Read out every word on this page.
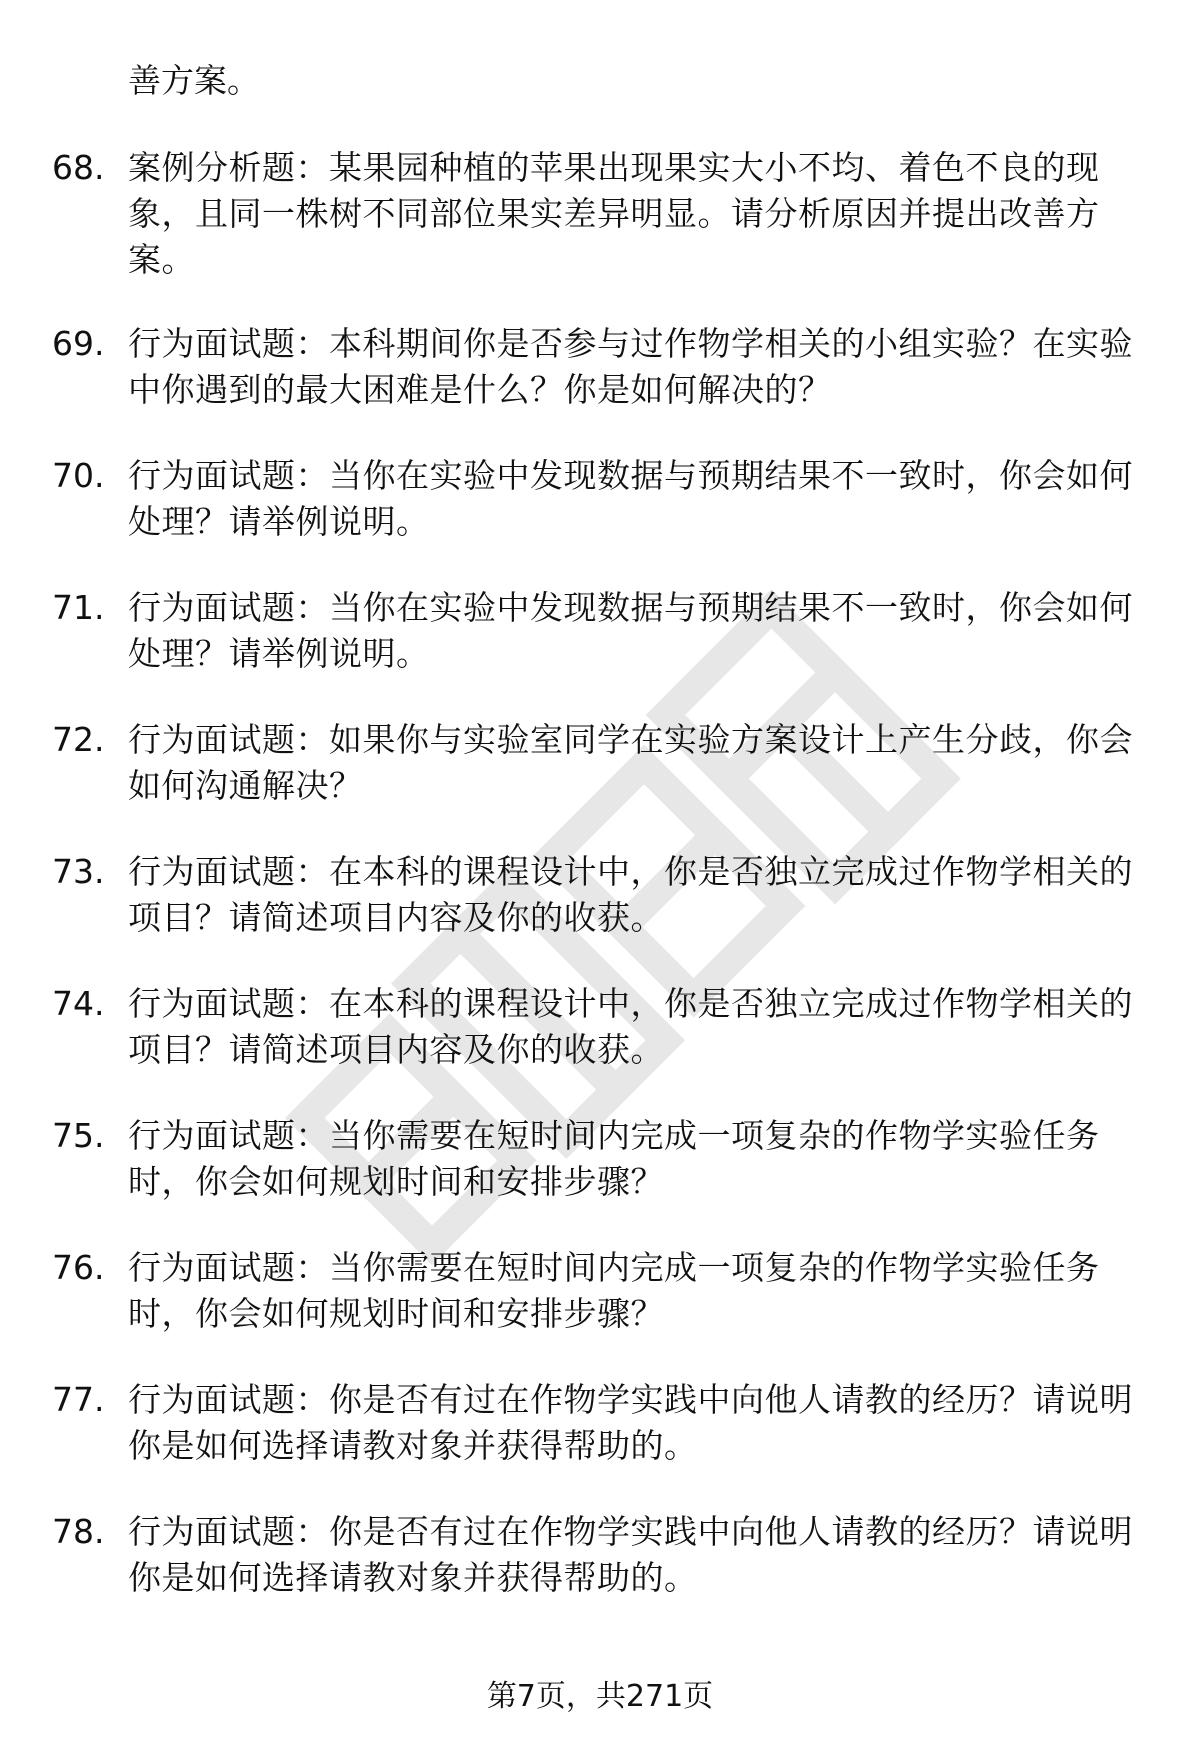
善方案。
68. 案例分析题：某果园种植的苹果出现果实大小不均、着色不良的现象，且同一株树不同部位果实差异明显。请分析原因并提出改善方案。
69. 行为面试题：本科期间你是否参与过作物学相关的小组实验？在实验中你遇到的最大困难是什么？你是如何解决的？
70. 行为面试题：当你在实验中发现数据与预期结果不一致时，你会如何处理？请举例说明。
71. 行为面试题：当你在实验中发现数据与预期结果不一致时，你会如何处理？请举例说明。
72. 行为面试题：如果你与实验室同学在实验方案设计上产生分歧，你会如何沟通解决？
73. 行为面试题：在本科的课程设计中，你是否独立完成过作物学相关的项目？请简述项目内容及你的收获。
74. 行为面试题：在本科的课程设计中，你是否独立完成过作物学相关的项目？请简述项目内容及你的收获。
75. 行为面试题：当你需要在短时间内完成一项复杂的作物学实验任务时，你会如何规划时间和安排步骤？
76. 行为面试题：当你需要在短时间内完成一项复杂的作物学实验任务时，你会如何规划时间和安排步骤？
77. 行为面试题：你是否有过在作物学实践中向他人请教的经历？请说明你是如何选择请教对象并获得帮助的。
78. 行为面试题：你是否有过在作物学实践中向他人请教的经历？请说明你是如何选择请教对象并获得帮助的。
第7页，共271页
